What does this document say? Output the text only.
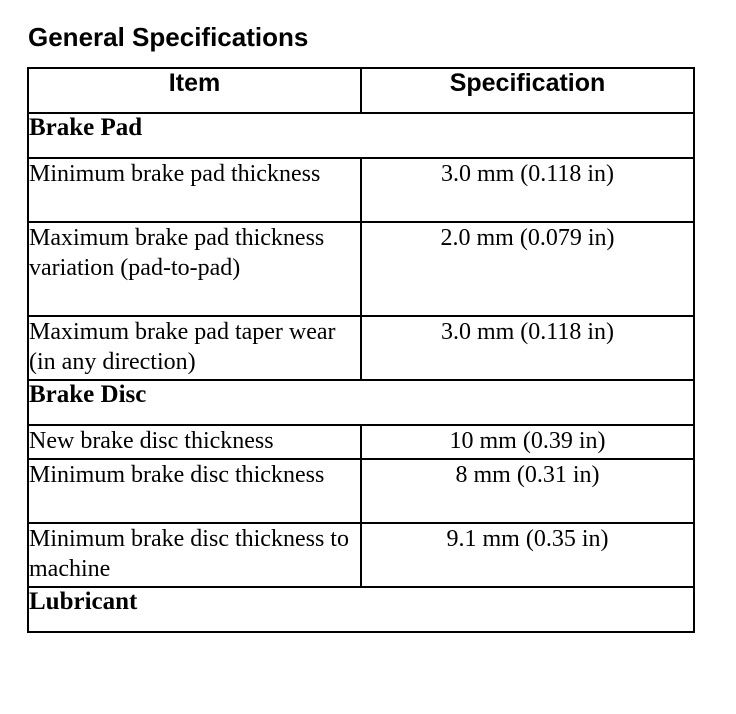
General Specifications
Item	Specification
Brake Pad	
Minimum brake pad thickness	3.0 mm (0.118 in)
Maximum brake pad thickness variation (pad-to-pad)	2.0 mm (0.079 in)
Maximum brake pad taper wear (in any direction)	3.0 mm (0.118 in)
Brake Disc	
New brake disc thickness	10 mm (0.39 in)
Minimum brake disc thickness	8 mm (0.31 in)
Minimum brake disc thickness to machine	9.1 mm (0.35 in)
Lubricant	
